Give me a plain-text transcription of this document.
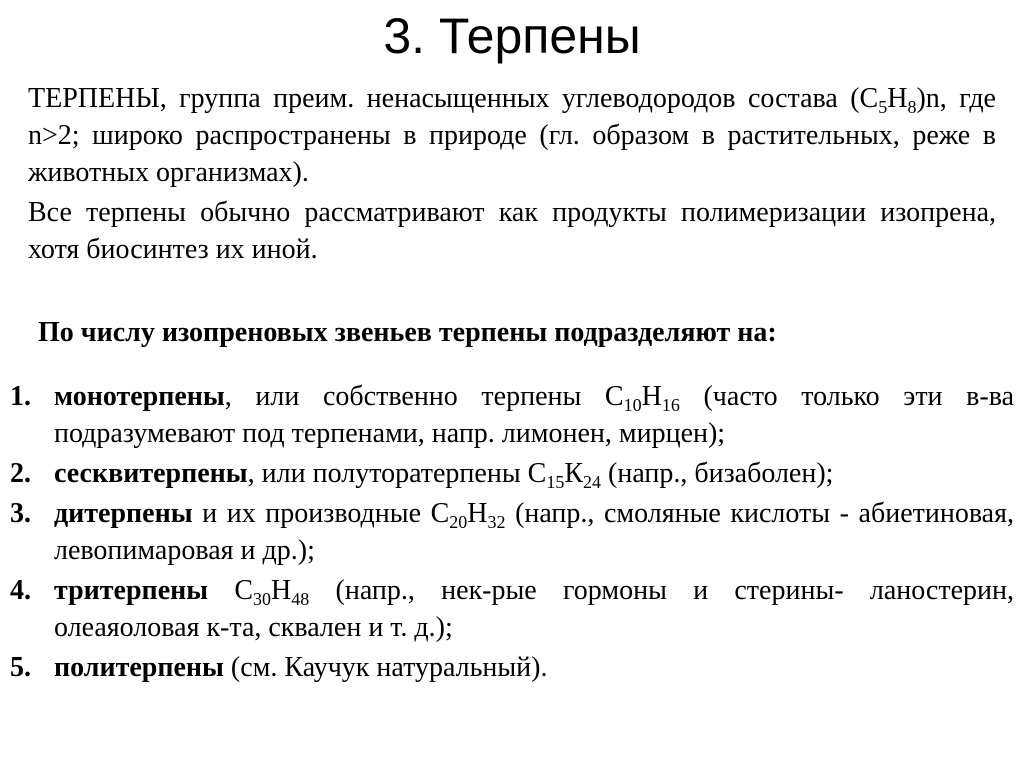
3. Терпены

ТЕРПЕНЫ, группа преим. ненасыщенных углеводородов состава $(C_5H_8)n$, где n>2; широко распространены в природе (гл. образом в растительных, реже в животных организмах).

Все терпены обычно рассматривают как продукты полимеризации изопрена, хотя биосинтез их иной.

По числу изопреновых звеньев терпены подразделяют на:
1. монотерпены, или собственно терпены $C_{10}H_{16}$ (часто только эти в-ва подразумевают под терпенами, напр. лимонен, мирцен);
2. сесквитерпены, или полуторатерпены $C_{15}К_{24}$ (напр., бизаболен);
3. дитерпены и их производные $C_{20}H_{32}$ (напр., смоляные кислоты - абиетиновая, левопимаровая и др.);
4. тритерпены $C_{30}H_{48}$ (напр., нек-рые гормоны и стерины- ланостерин, олеаяоловая к-та, сквален и т. д.);
5. политерпены (см. Каучук натуральный).
